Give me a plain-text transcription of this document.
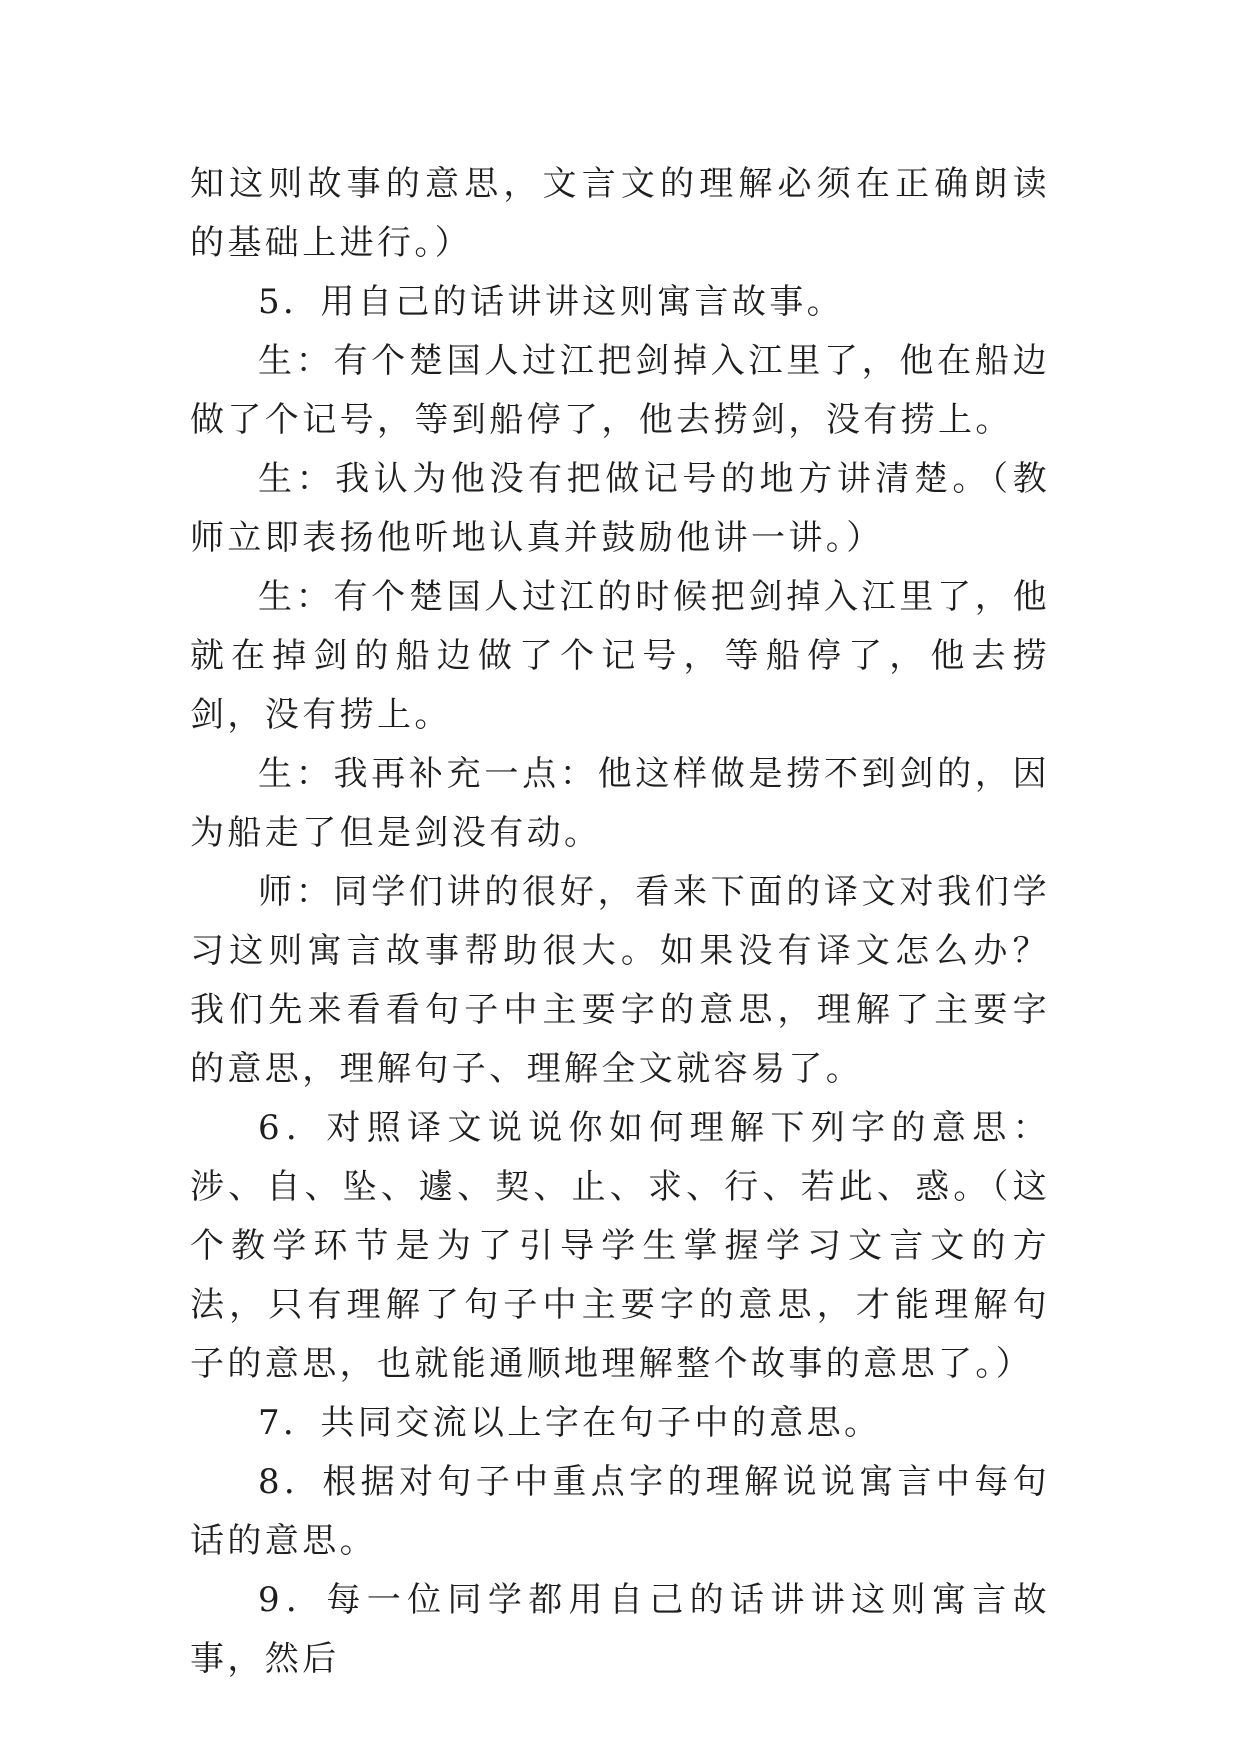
知这则故事的意思，文言文的理解必须在正确朗读的基础上进行。）

5．用自己的话讲讲这则寓言故事。

生：有个楚国人过江把剑掉入江里了，他在船边做了个记号，等到船停了，他去捞剑，没有捞上。

生：我认为他没有把做记号的地方讲清楚。（教师立即表扬他听地认真并鼓励他讲一讲。）

生：有个楚国人过江的时候把剑掉入江里了，他就在掉剑的船边做了个记号，等船停了，他去捞剑，没有捞上。

生：我再补充一点：他这样做是捞不到剑的，因为船走了但是剑没有动。

师：同学们讲的很好，看来下面的译文对我们学习这则寓言故事帮助很大。如果没有译文怎么办？我们先来看看句子中主要字的意思，理解了主要字的意思，理解句子、理解全文就容易了。

6．对照译文说说你如何理解下列字的意思：涉、自、坠、遽、契、止、求、行、若此、惑。（这个教学环节是为了引导学生掌握学习文言文的方法，只有理解了句子中主要字的意思，才能理解句子的意思，也就能通顺地理解整个故事的意思了。）

7．共同交流以上字在句子中的意思。

8．根据对句子中重点字的理解说说寓言中每句话的意思。

9．每一位同学都用自己的话讲讲这则寓言故事，然后
